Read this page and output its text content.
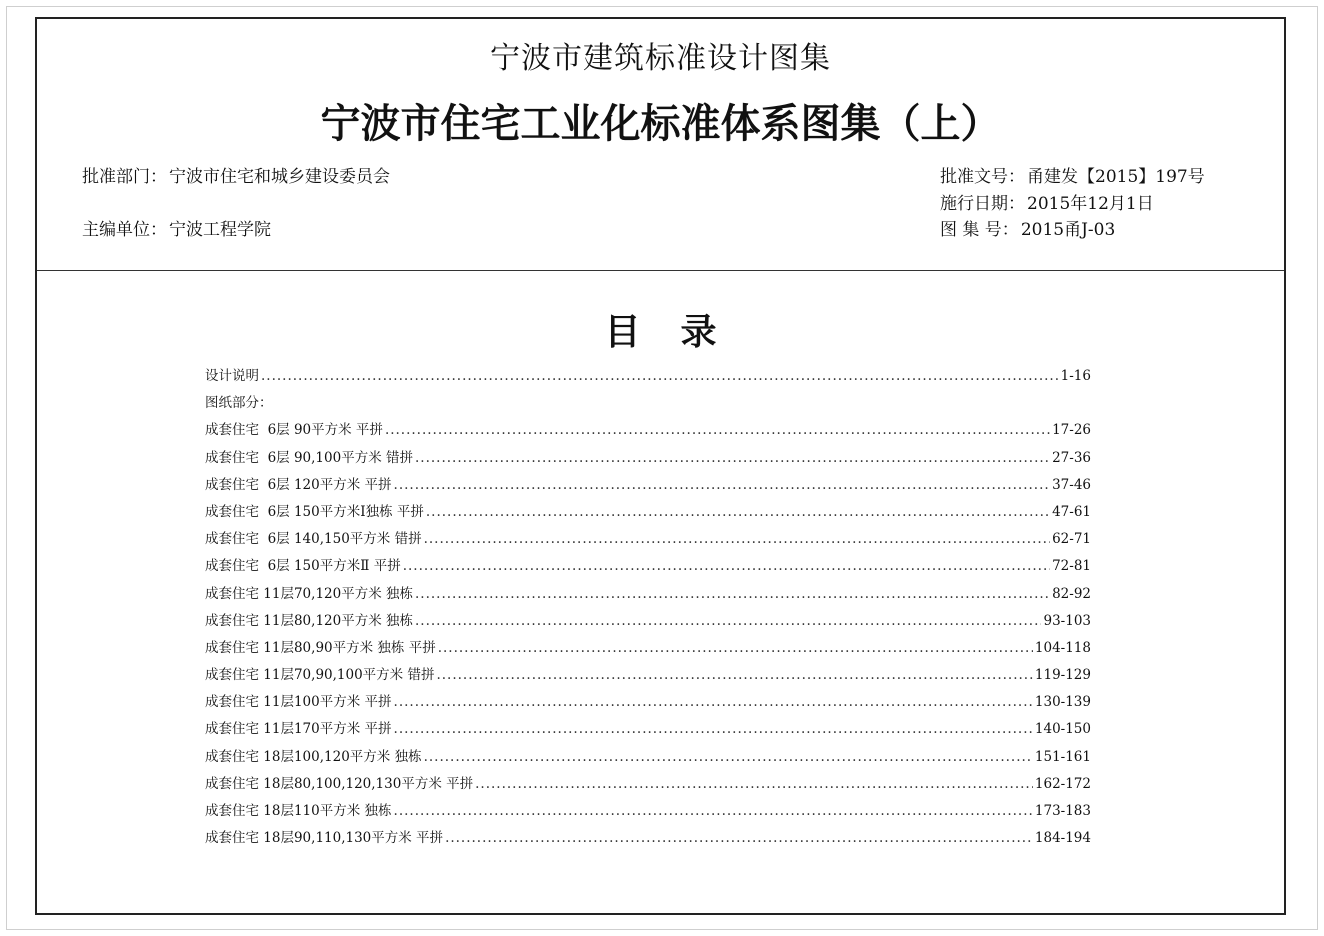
宁波市建筑标准设计图集
宁波市住宅工业化标准体系图集（上）
批准部门： 宁波市住宅和城乡建设委员会
主编单位： 宁波工程学院
批准文号： 甬建发【2015】197号
施行日期： 2015年12月1日
图 集 号： 2015甬J-03
目录
设计说明 .....	1-16
图纸部分：
成套住宅  6层 90平方米 平拼 .....	17-26
成套住宅  6层 90,100平方米 错拼 .....	27-36
成套住宅  6层 120平方米 平拼 .....	37-46
成套住宅  6层 150平方米Ⅰ独栋 平拼 .....	47-61
成套住宅  6层 140,150平方米 错拼 .....	62-71
成套住宅  6层 150平方米Ⅱ 平拼 .....	72-81
成套住宅 11层70,120平方米 独栋 .....	82-92
成套住宅 11层80,120平方米 独栋 .....	93-103
成套住宅 11层80,90平方米 独栋 平拼 .....	104-118
成套住宅 11层70,90,100平方米 错拼 .....	119-129
成套住宅 11层100平方米 平拼 .....	130-139
成套住宅 11层170平方米 平拼 .....	140-150
成套住宅 18层100,120平方米 独栋 .....	151-161
成套住宅 18层80,100,120,130平方米 平拼 .....	162-172
成套住宅 18层110平方米 独栋 .....	173-183
成套住宅 18层90,110,130平方米 平拼 .....	184-194
